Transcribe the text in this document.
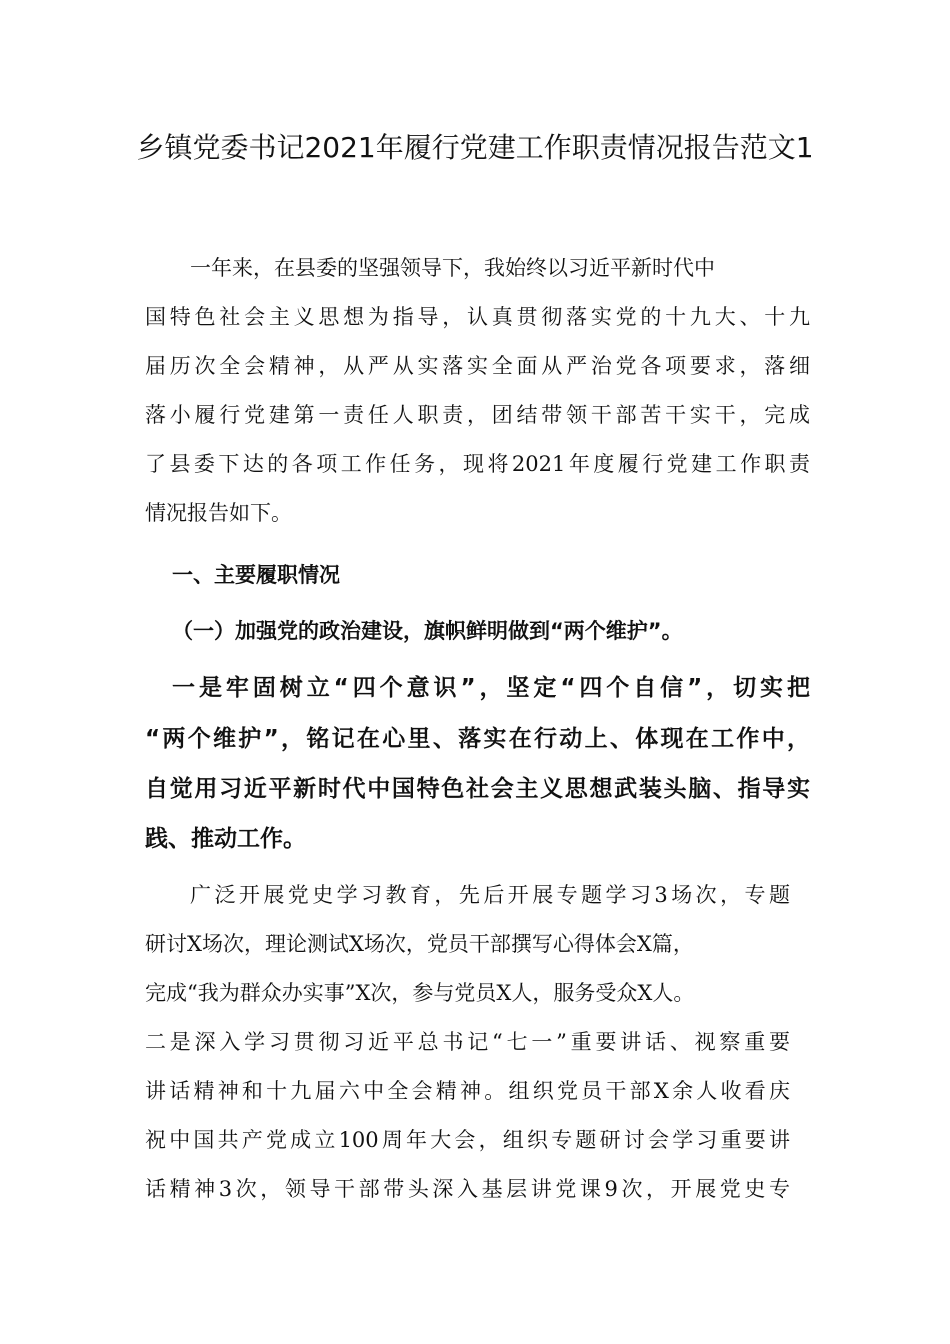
乡镇党委书记2021年履行党建工作职责情况报告范文1

一年来，在县委的坚强领导下，我始终以习近平新时代中

国特色社会主义思想为指导，认真贯彻落实党的十九大、十九

届历次全会精神，从严从实落实全面从严治党各项要求，落细

落小履行党建第一责任人职责，团结带领干部苦干实干，完成

了县委下达的各项工作任务，现将2021年度履行党建工作职责

情况报告如下。

一、主要履职情况

（一）加强党的政治建设，旗帜鲜明做到“两个维护”。

一是牢固树立“四个意识”，坚定“四个自信”，切实把

“两个维护”，铭记在心里、落实在行动上、体现在工作中，

自觉用习近平新时代中国特色社会主义思想武装头脑、指导实

践、推动工作。

广泛开展党史学习教育，先后开展专题学习3场次，专题

研讨X场次，理论测试X场次，党员干部撰写心得体会X篇，

完成“我为群众办实事”X次，参与党员X人，服务受众X人。

二是深入学习贯彻习近平总书记“七一”重要讲话、视察重要

讲话精神和十九届六中全会精神。组织党员干部X余人收看庆

祝中国共产党成立100周年大会，组织专题研讨会学习重要讲

话精神3次，领导干部带头深入基层讲党课9次，开展党史专
